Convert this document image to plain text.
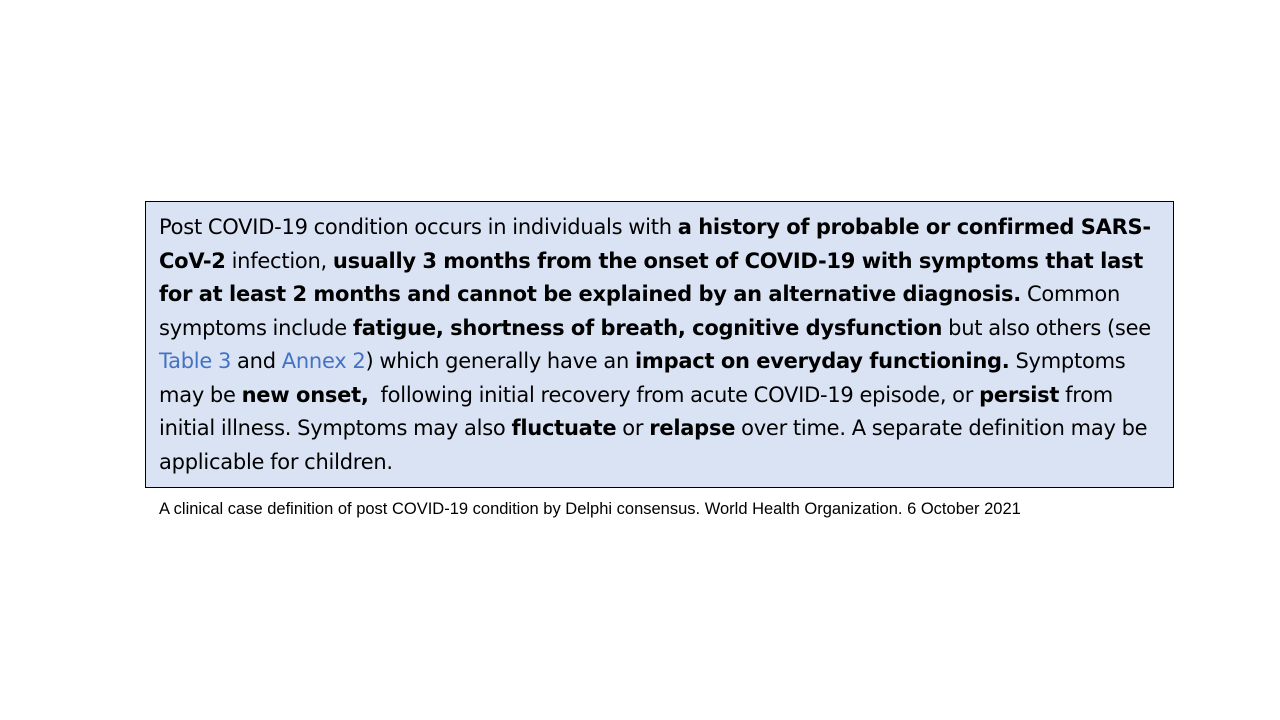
Post COVID-19 condition occurs in individuals with a history of probable or confirmed SARS-CoV-2 infection, usually 3 months from the onset of COVID-19 with symptoms that last for at least 2 months and cannot be explained by an alternative diagnosis. Common symptoms include fatigue, shortness of breath, cognitive dysfunction but also others (see Table 3 and Annex 2) which generally have an impact on everyday functioning. Symptoms may be new onset,  following initial recovery from acute COVID-19 episode, or persist from initial illness. Symptoms may also fluctuate or relapse over time. A separate definition may be applicable for children.

A clinical case definition of post COVID-19 condition by Delphi consensus. World Health Organization. 6 October 2021
